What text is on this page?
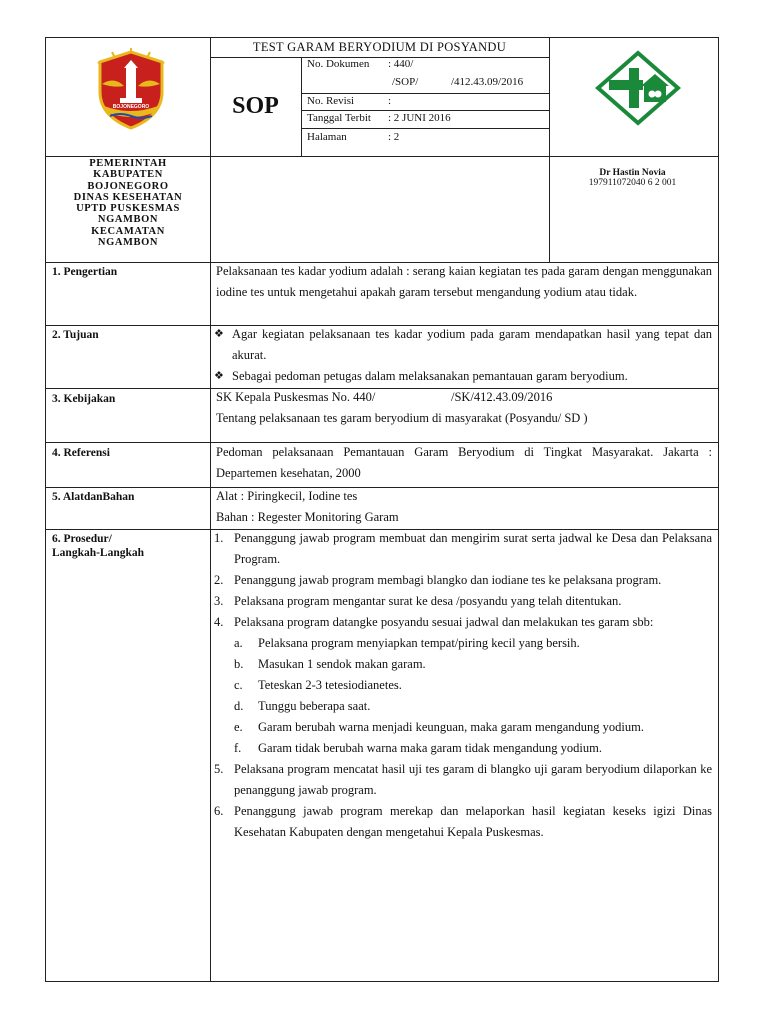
BOJONEGORO
TEST GARAM BERYODIUM DI POSYANDU
SOP
No. Dokumen : 440/
/SOP/	/412.43.09/2016
No. Revisi	:
Tanggal Terbit : 2 JUNI 2016
Halaman	: 2
PEMERINTAH KABUPATEN BOJONEGORO DINAS KESEHATAN UPTD PUSKESMAS NGAMBON KECAMATAN NGAMBON
Dr Hastin Novia
197911072040 6 2 001
1. Pengertian	Pelaksanaan tes kadar yodium adalah : serang kaian kegiatan tes pada garam dengan menggunakan iodine tes untuk mengetahui apakah garam tersebut mengandung yodium atau tidak.
2. Tujuan	❖ Agar kegiatan pelaksanaan tes kadar yodium pada garam mendapatkan hasil yang tepat dan akurat.
❖ Sebagai pedoman petugas dalam melaksanakan pemantauan garam beryodium.
3. Kebijakan	SK Kepala Puskesmas No. 440/	/SK/412.43.09/2016
Tentang pelaksanaan tes garam beryodium di masyarakat (Posyandu/ SD )
4. Referensi	Pedoman pelaksanaan Pemantauan Garam Beryodium di Tingkat Masyarakat. Jakarta : Departemen kesehatan, 2000
5. AlatdanBahan	Alat : Piringkecil, Iodine tes
Bahan : Regester Monitoring Garam
6. Prosedur/ Langkah-Langkah
1. Penanggung jawab program membuat dan mengirim surat serta jadwal ke Desa dan Pelaksana Program.
2. Penanggung jawab program membagi blangko dan iodiane tes ke pelaksana program.
3. Pelaksana program mengantar surat ke desa /posyandu yang telah ditentukan.
4. Pelaksana program datangke posyandu sesuai jadwal dan melakukan tes garam sbb:
a.	Pelaksana program menyiapkan tempat/piring kecil yang bersih.
b.	Masukan 1 sendok makan garam.
c.	Teteskan 2-3 tetesiodianetes.
d.	Tunggu beberapa saat.
e.	Garam berubah warna menjadi keunguan, maka garam mengandung yodium.
f.	Garam tidak berubah warna maka garam tidak mengandung yodium.
5. Pelaksana program mencatat hasil uji tes garam di blangko uji garam beryodium dilaporkan ke penanggung jawab program.
6. Penanggung jawab program merekap dan melaporkan hasil kegiatan keseks igizi Dinas Kesehatan Kabupaten dengan mengetahui Kepala Puskesmas.
